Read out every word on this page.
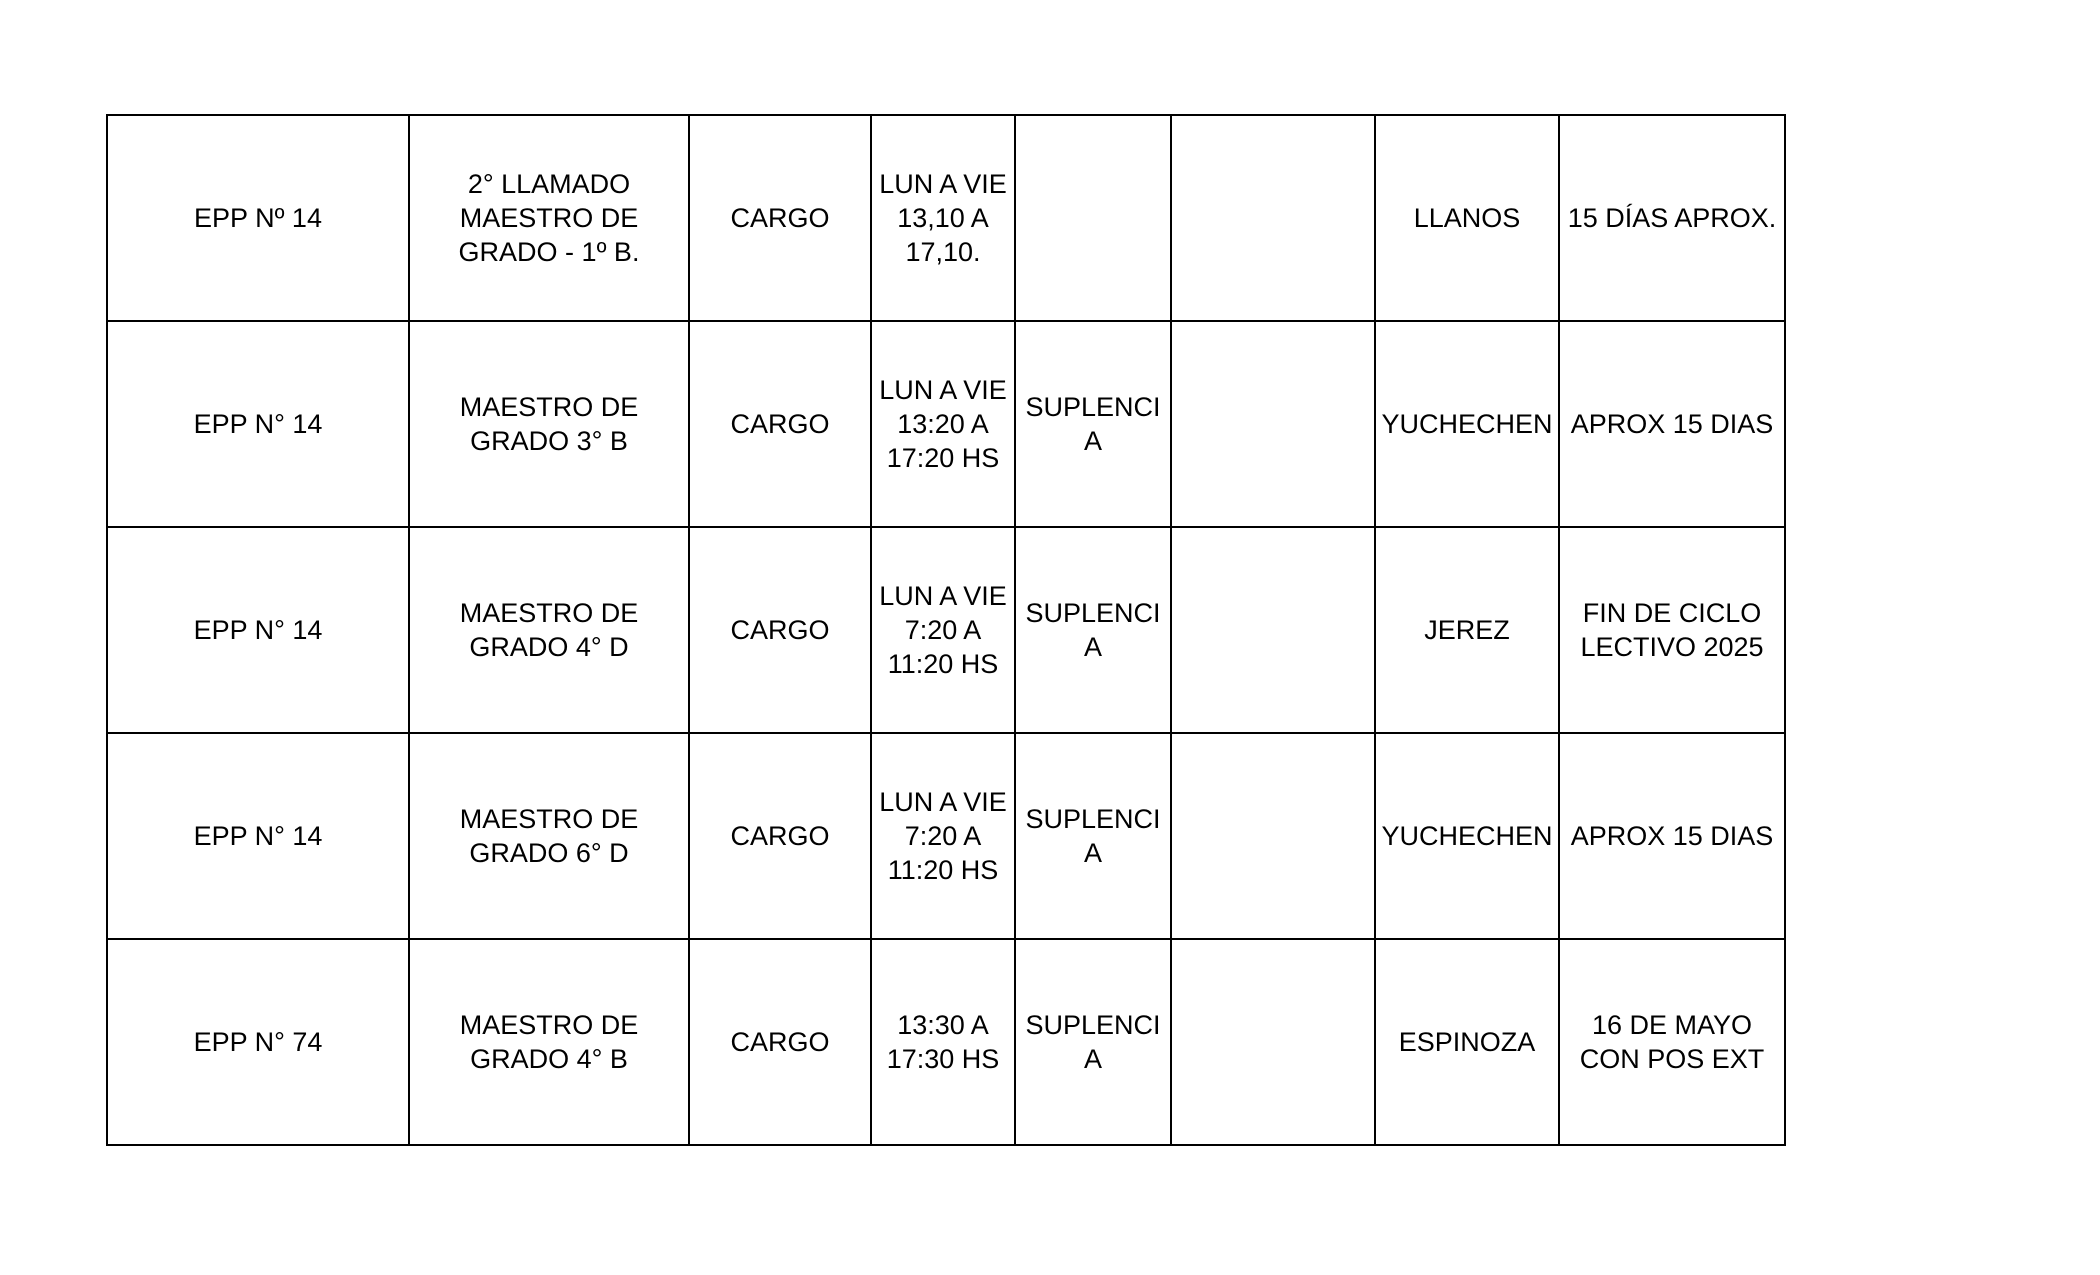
EPP Nº 14	2° LLAMADO
MAESTRO DE
GRADO - 1º B.	CARGO	LUN A VIE
13,10 A
17,10.			LLANOS	15 DÍAS APROX.
EPP N° 14	MAESTRO DE
GRADO 3° B	CARGO	LUN A VIE
13:20 A
17:20 HS	SUPLENCI
A		YUCHECHEN	APROX 15 DIAS
EPP N° 14	MAESTRO DE
GRADO 4° D	CARGO	LUN A VIE
7:20 A
11:20 HS	SUPLENCI
A		JEREZ	FIN DE CICLO
LECTIVO 2025
EPP N° 14	MAESTRO DE
GRADO 6° D	CARGO	LUN A VIE
7:20 A
11:20 HS	SUPLENCI
A		YUCHECHEN	APROX 15 DIAS
EPP N° 74	MAESTRO DE
GRADO 4° B	CARGO	13:30 A
17:30 HS	SUPLENCI
A		ESPINOZA	16 DE MAYO
CON POS EXT
